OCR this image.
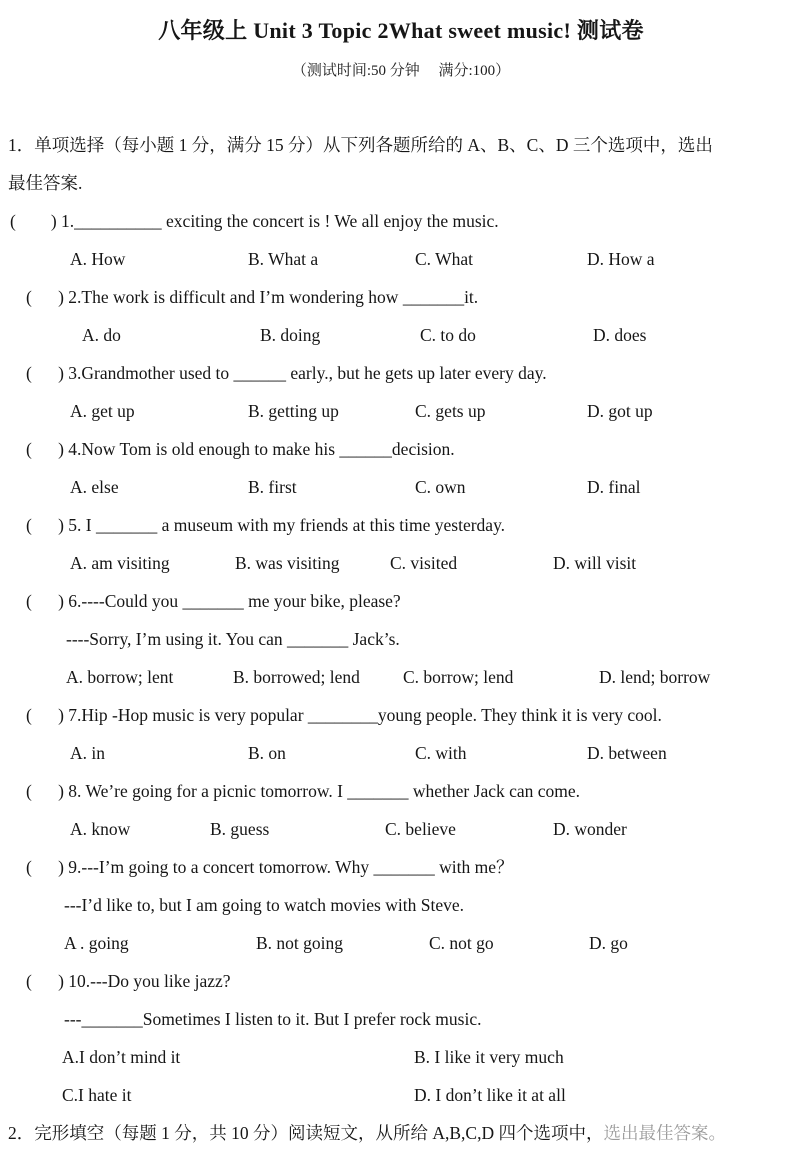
八年级上 Unit 3 Topic 2What sweet music! 测试卷
（测试时间:50 分钟     满分:100）
1．单项选择（每小题 1 分，满分 15 分）从下列各题所给的 A、B、C、D 三个选项中，选出
最佳答案.
(        ) 1.__________ exciting the concert is ! We all enjoy the music.
A. How	B. What a	C. What	D. How a
(      ) 2.The work is difficult and I’m wondering how _______it.
A. do	B. doing	C. to do	D. does
(      ) 3.Grandmother used to ______ early., but he gets up later every day.
A. get up	B. getting up	C. gets up	D. got up
(      ) 4.Now Tom is old enough to make his ______decision.
A. else	B. first	C. own	D. final
(      ) 5. I _______ a museum with my friends at this time yesterday.
A. am visiting	B. was visiting	C. visited	D. will visit
(      ) 6.----Could you _______ me your bike, please?
----Sorry, I’m using it. You can _______ Jack’s.
A. borrow; lent	B. borrowed; lend	C. borrow; lend	D. lend; borrow
(      ) 7.Hip -Hop music is very popular ________young people. They think it is very cool.
A. in	B. on	C. with	D. between
(      ) 8. We’re going for a picnic tomorrow. I _______ whether Jack can come.
A. know	B. guess	C. believe	D. wonder
(      ) 9.---I’m going to a concert tomorrow. Why _______ with me？
---I’d like to, but I am going to watch movies with Steve.
A . going	B. not going	C. not go	D. go
(      ) 10.---Do you like jazz?
---_______Sometimes I listen to it. But I prefer rock music.
A.I don’t mind it	B. I like it very much
C.I hate it	D. I don’t like it at all
2．完形填空（每题 1 分，共 10 分）阅读短文，从所给 A,B,C,D 四个选项中，选出最佳答案。
